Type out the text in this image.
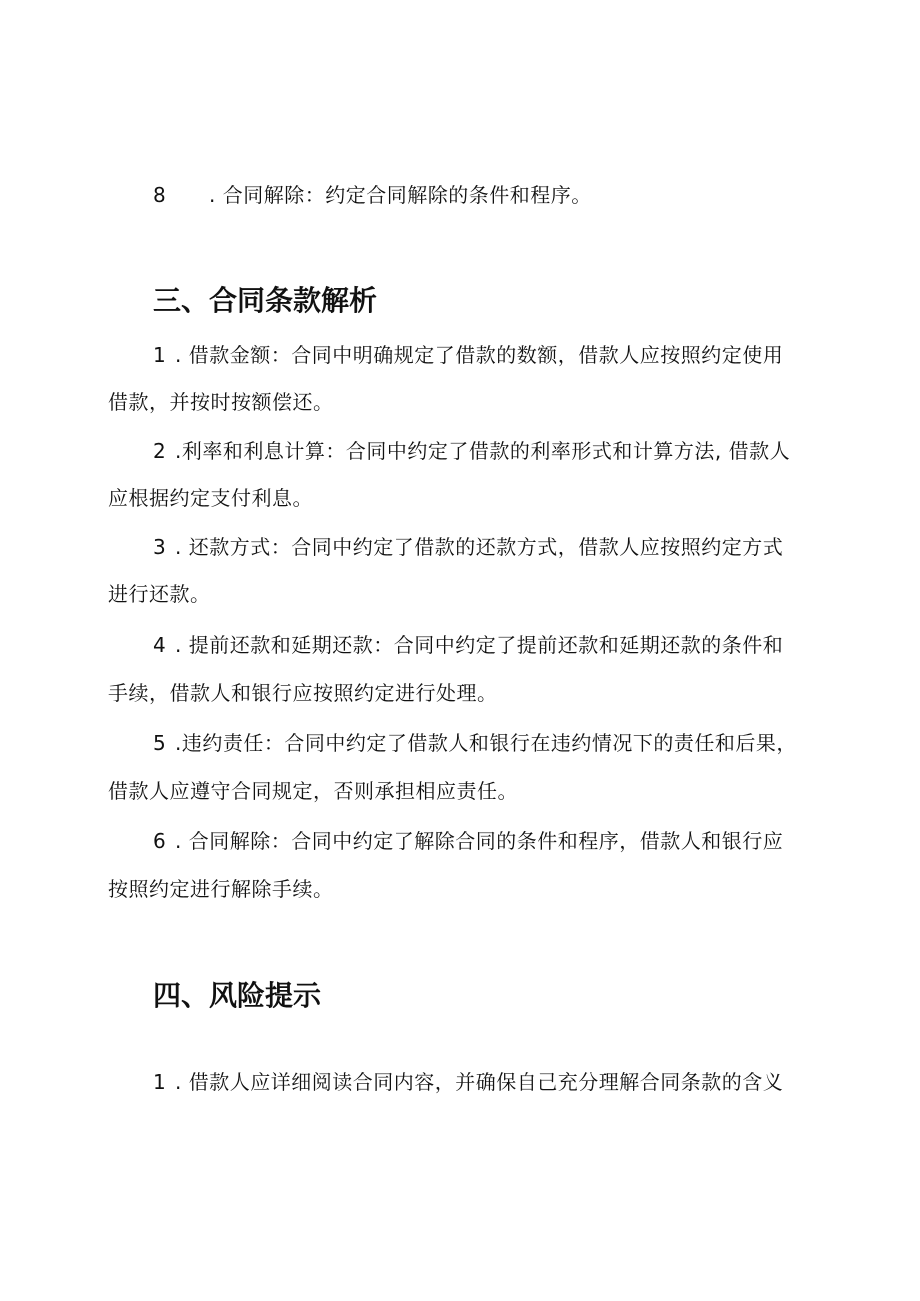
8 . 合同解除：约定合同解除的条件和程序。
三、合同条款解析
1 . 借款金额：合同中明确规定了借款的数额，借款人应按照约定使用
借款，并按时按额偿还。
2 .利率和利息计算：合同中约定了借款的利率形式和计算方法, 借款人
应根据约定支付利息。
3 . 还款方式：合同中约定了借款的还款方式，借款人应按照约定方式
进行还款。
4 . 提前还款和延期还款：合同中约定了提前还款和延期还款的条件和
手续，借款人和银行应按照约定进行处理。
5 .违约责任：合同中约定了借款人和银行在违约情况下的责任和后果，
借款人应遵守合同规定，否则承担相应责任。
6 . 合同解除：合同中约定了解除合同的条件和程序，借款人和银行应
按照约定进行解除手续。
四、风险提示
1 . 借款人应详细阅读合同内容，并确保自己充分理解合同条款的含义
